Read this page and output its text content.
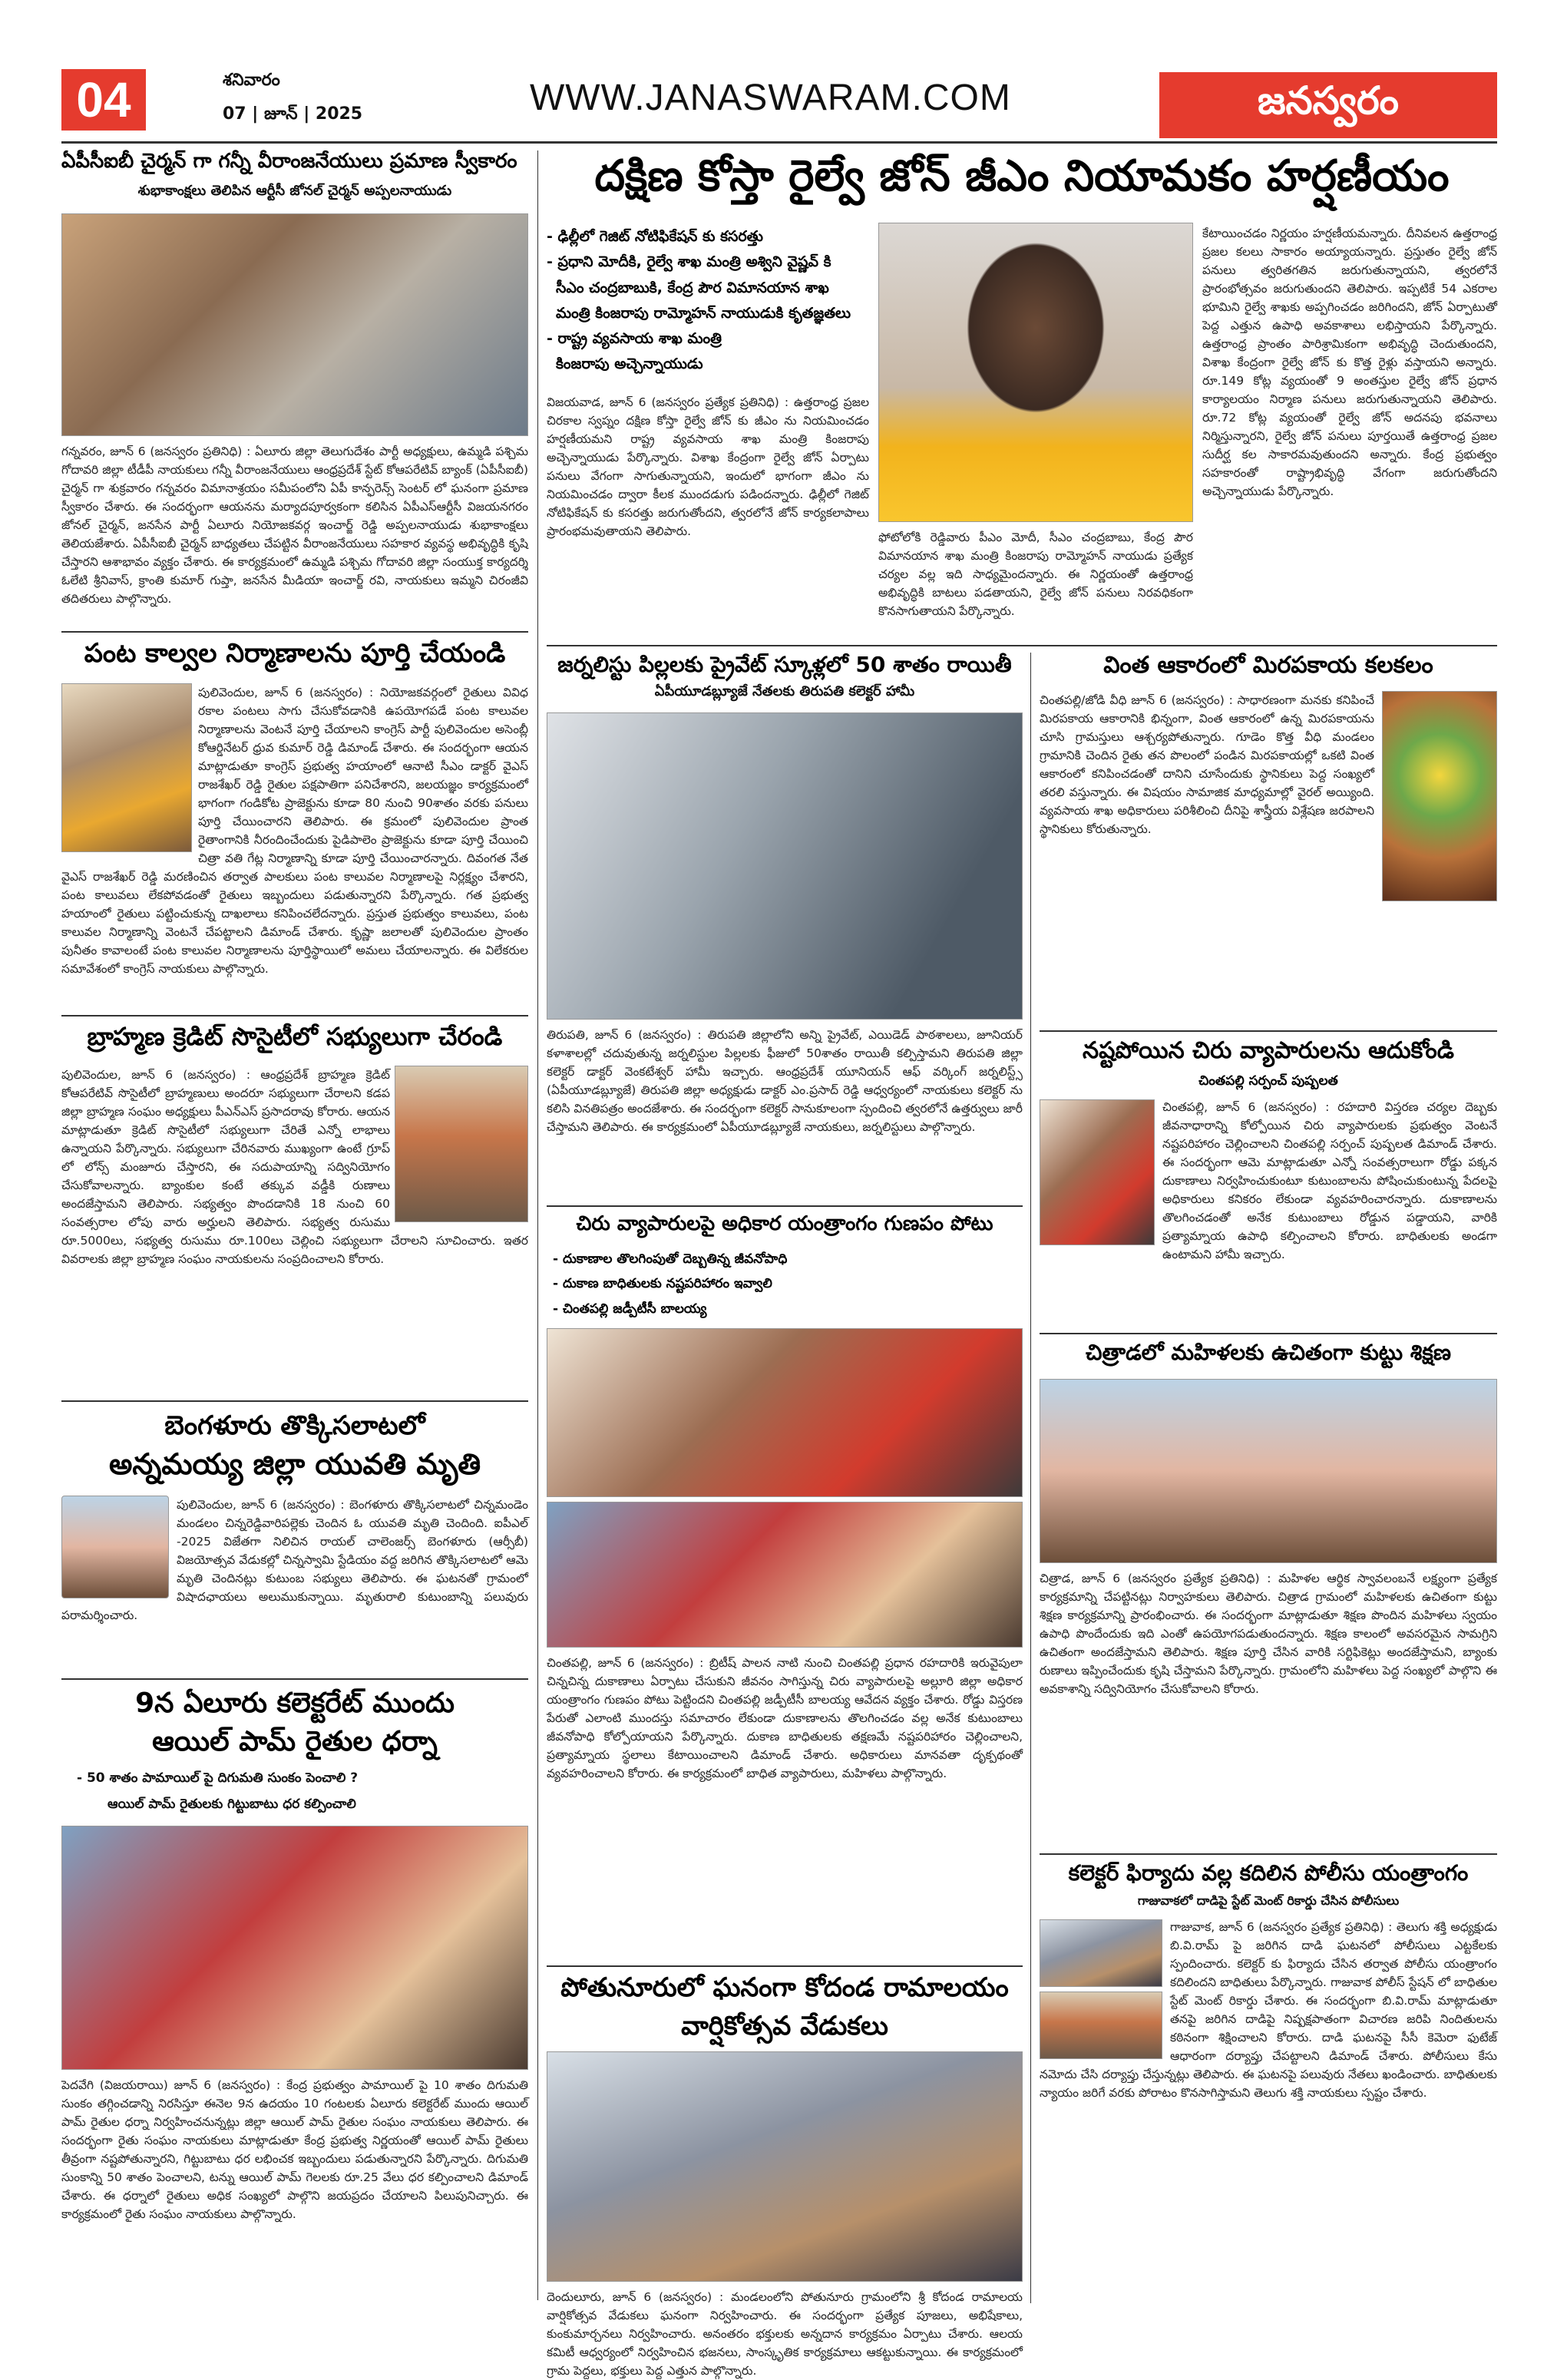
04	శనివారం
07 | జూన్ | 2025	WWW.JANASWARAM.COM	జనస్వరం
ఏపీసీఐబీ చైర్మన్ గా గన్నీ వీరాంజనేయులు ప్రమాణ స్వీకారం
శుభాకాంక్షలు తెలిపిన ఆర్టీసీ జోనల్ చైర్మన్ అప్పలనాయుడు
గన్నవరం, జూన్ 6 (జనస్వరం ప్రతినిధి) : ఏలూరు జిల్లా తెలుగుదేశం పార్టీ అధ్యక్షులు, ఉమ్మడి పశ్చిమ గోదావరి జిల్లా టీడీపీ నాయకులు గన్నీ వీరాంజనేయులు ఆంధ్రప్రదేశ్ స్టేట్ కోఆపరేటివ్ బ్యాంక్ (ఏపీసీఐబీ) చైర్మన్ గా శుక్రవారం గన్నవరం విమానాశ్రయం సమీపంలోని ఏపీ కాన్ఫరెన్స్ సెంటర్ లో ఘనంగా ప్రమాణ స్వీకారం చేశారు. ఈ సందర్భంగా ఆయనను మర్యాదపూర్వకంగా కలిసిన ఏపీఎస్ఆర్టీసీ విజయనగరం జోనల్ చైర్మన్, జనసేన పార్టీ ఏలూరు నియోజకవర్గ ఇంచార్జ్ రెడ్డి అప్పలనాయుడు శుభాకాంక్షలు తెలియజేశారు. ఏపీసీఐబీ చైర్మన్ బాధ్యతలు చేపట్టిన వీరాంజనేయులు సహకార వ్యవస్థ అభివృద్ధికి కృషి చేస్తారని ఆశాభావం వ్యక్తం చేశారు. ఈ కార్యక్రమంలో ఉమ్మడి పశ్చిమ గోదావరి జిల్లా సంయుక్త కార్యదర్శి ఓలేటి శ్రీనివాస్, క్రాంతి కుమార్ గుప్తా, జనసేన మీడియా ఇంచార్జ్ రవి, నాయకులు ఇమ్మని చిరంజీవి తదితరులు పాల్గొన్నారు.
పంట కాల్వల నిర్మాణాలను పూర్తి చేయండి
పులివెందుల, జూన్ 6 (జనస్వరం) : నియోజకవర్గంలో రైతులు వివిధ రకాల పంటలు సాగు చేసుకోవడానికి ఉపయోగపడే పంట కాలువల నిర్మాణాలను వెంటనే పూర్తి చేయాలని కాంగ్రెస్ పార్టీ పులివెందుల అసెంబ్లీ కోఆర్డినేటర్ ధ్రువ కుమార్ రెడ్డి డిమాండ్ చేశారు. ఈ సందర్భంగా ఆయన మాట్లాడుతూ కాంగ్రెస్ ప్రభుత్వ హయాంలో ఆనాటి సీఎం డాక్టర్ వైఎస్ రాజశేఖర్ రెడ్డి రైతుల పక్షపాతిగా పనిచేశారని, జలయజ్ఞం కార్యక్రమంలో భాగంగా గండికోట ప్రాజెక్టును కూడా 80 నుంచి 90శాతం వరకు పనులు పూర్తి చేయించారని తెలిపారు. ఈ క్రమంలో పులివెందుల ప్రాంత రైతాంగానికి నీరందించేందుకు పైడిపాలెం ప్రాజెక్టును కూడా పూర్తి చేయించి చిత్రా వతి గేట్ల నిర్మాణాన్ని కూడా పూర్తి చేయించారన్నారు. దివంగత నేత వైఎస్ రాజశేఖర్ రెడ్డి మరణించిన తర్వాత పాలకులు పంట కాలువల నిర్మాణాలపై నిర్లక్ష్యం చేశారని, పంట కాలువలు లేకపోవడంతో రైతులు ఇబ్బందులు పడుతున్నారని పేర్కొన్నారు. గత ప్రభుత్వ హయాంలో రైతులు పట్టించుకున్న దాఖలాలు కనిపించలేదన్నారు. ప్రస్తుత ప్రభుత్వం కాలువలు, పంట కాలువల నిర్మాణాన్ని వెంటనే చేపట్టాలని డిమాండ్ చేశారు. కృష్ణా జలాలతో పులివెందుల ప్రాంతం పునీతం కావాలంటే పంట కాలువల నిర్మాణాలను పూర్తిస్థాయిలో అమలు చేయాలన్నారు. ఈ విలేకరుల సమావేశంలో కాంగ్రెస్ నాయకులు పాల్గొన్నారు.
బ్రాహ్మణ క్రెడిట్ సొసైటీలో సభ్యులుగా చేరండి
పులివెందుల, జూన్ 6 (జనస్వరం) : ఆంధ్రప్రదేశ్ బ్రాహ్మణ క్రెడిట్ కోఆపరేటివ్ సొసైటీలో బ్రాహ్మణులు అందరూ సభ్యులుగా చేరాలని కడప జిల్లా బ్రాహ్మణ సంఘం అధ్యక్షులు పీఎన్ఎస్ ప్రసాదరావు కోరారు. ఆయన మాట్లాడుతూ క్రెడిట్ సొసైటీలో సభ్యులుగా చేరితే ఎన్నో లాభాలు ఉన్నాయని పేర్కొన్నారు. సభ్యులుగా చేరినవారు ముఖ్యంగా ఉంటే గ్రూప్ లో లోన్స్ మంజూరు చేస్తారని, ఈ సదుపాయాన్ని సద్వినియోగం చేసుకోవాలన్నారు. బ్యాంకుల కంటే తక్కువ వడ్డీకి రుణాలు అందజేస్తామని తెలిపారు. సభ్యత్వం పొందడానికి 18 నుంచి 60 సంవత్సరాల లోపు వారు అర్హులని తెలిపారు. సభ్యత్వ రుసుము రూ.5000లు, సభ్యత్వ రుసుము రూ.100లు చెల్లించి సభ్యులుగా చేరాలని సూచించారు. ఇతర వివరాలకు జిల్లా బ్రాహ్మణ సంఘం నాయకులను సంప్రదించాలని కోరారు.
బెంగళూరు తొక్కిసలాటలో
అన్నమయ్య జిల్లా యువతి మృతి
పులివెందుల, జూన్ 6 (జనస్వరం) : బెంగళూరు తొక్కిసలాటలో చిన్నమండెం మండలం చిన్నరెడ్డివారిపల్లెకు చెందిన ఓ యువతి మృతి చెందింది. ఐపీఎల్ -2025 విజేతగా నిలిచిన రాయల్ చాలెంజర్స్ బెంగళూరు (ఆర్సీబీ) విజయోత్సవ వేడుకల్లో చిన్నస్వామి స్టేడియం వద్ద జరిగిన తొక్కిసలాటలో ఆమె మృతి చెందినట్లు కుటుంబ సభ్యులు తెలిపారు. ఈ ఘటనతో గ్రామంలో విషాదఛాయలు అలుముకున్నాయి. మృతురాలి కుటుంబాన్ని పలువురు పరామర్శించారు.
9న ఏలూరు కలెక్టరేట్ ముందు
ఆయిల్ పామ్ రైతుల ధర్నా
- 50 శాతం పామాయిల్ పై దిగుమతి సుంకం పెంచాలి ?
ఆయిల్ పామ్ రైతులకు గిట్టుబాటు ధర కల్పించాలి
పెదవేగి (విజయరాయి) జూన్ 6 (జనస్వరం) : కేంద్ర ప్రభుత్వం పామాయిల్ పై 10 శాతం దిగుమతి సుంకం తగ్గించడాన్ని నిరసిస్తూ ఈనెల 9న ఉదయం 10 గంటలకు ఏలూరు కలెక్టరేట్ ముందు ఆయిల్ పామ్ రైతుల ధర్నా నిర్వహించనున్నట్లు జిల్లా ఆయిల్ పామ్ రైతుల సంఘం నాయకులు తెలిపారు. ఈ సందర్భంగా రైతు సంఘం నాయకులు మాట్లాడుతూ కేంద్ర ప్రభుత్వ నిర్ణయంతో ఆయిల్ పామ్ రైతులు తీవ్రంగా నష్టపోతున్నారని, గిట్టుబాటు ధర లభించక ఇబ్బందులు పడుతున్నారని పేర్కొన్నారు. దిగుమతి సుంకాన్ని 50 శాతం పెంచాలని, టన్ను ఆయిల్ పామ్ గెలలకు రూ.25 వేలు ధర కల్పించాలని డిమాండ్ చేశారు. ఈ ధర్నాలో రైతులు అధిక సంఖ్యలో పాల్గొని జయప్రదం చేయాలని పిలుపునిచ్చారు. ఈ కార్యక్రమంలో రైతు సంఘం నాయకులు పాల్గొన్నారు.
దక్షిణ కోస్తా రైల్వే జోన్ జీఎం నియామకం హర్షణీయం
- ఢిల్లీలో గెజిట్ నోటిఫికేషన్ కు కసరత్తు
- ప్రధాని మోదీకి, రైల్వే శాఖ మంత్రి అశ్విని వైష్ణవ్ కి
సీఎం చంద్రబాబుకి, కేంద్ర పౌర విమానయాన శాఖ
మంత్రి కింజరాపు రామ్మోహన్ నాయుడుకి కృతజ్ఞతలు
- రాష్ట్ర వ్యవసాయ శాఖ మంత్రి
కింజరాపు అచ్చెన్నాయుడు
విజయవాడ, జూన్ 6 (జనస్వరం ప్రత్యేక ప్రతినిధి) : ఉత్తరాంధ్ర ప్రజల చిరకాల స్వప్నం దక్షిణ కోస్తా రైల్వే జోన్ కు జీఎం ను నియమించడం హర్షణీయమని రాష్ట్ర వ్యవసాయ శాఖ మంత్రి కింజరాపు అచ్చెన్నాయుడు పేర్కొన్నారు. విశాఖ కేంద్రంగా రైల్వే జోన్ ఏర్పాటు పనులు వేగంగా సాగుతున్నాయని, ఇందులో భాగంగా జీఎం ను నియమించడం ద్వారా కీలక ముందడుగు పడిందన్నారు. ఢిల్లీలో గెజిట్ నోటిఫికేషన్ కు కసరత్తు జరుగుతోందని, త్వరలోనే జోన్ కార్యకలాపాలు ప్రారంభమవుతాయని తెలిపారు.	ఫోటోలోకి రెడ్డివారు పీఎం మోదీ, సీఎం చంద్రబాబు, కేంద్ర పౌర విమానయాన శాఖ మంత్రి కింజరాపు రామ్మోహన్ నాయుడు ప్రత్యేక చర్యల వల్ల ఇది సాధ్యమైందన్నారు. ఈ నిర్ణయంతో ఉత్తరాంధ్ర అభివృద్ధికి బాటలు పడతాయని, రైల్వే జోన్ పనులు నిరవధికంగా కొనసాగుతాయని పేర్కొన్నారు.
కేటాయించడం నిర్ణయం హర్షణీయమన్నారు. దీనివలన ఉత్తరాంధ్ర ప్రజల కలలు సాకారం అయ్యాయన్నారు. ప్రస్తుతం రైల్వే జోన్ పనులు త్వరితగతిన జరుగుతున్నాయని, త్వరలోనే ప్రారంభోత్సవం జరుగుతుందని తెలిపారు. ఇప్పటికే 54 ఎకరాల భూమిని రైల్వే శాఖకు అప్పగించడం జరిగిందని, జోన్ ఏర్పాటుతో పెద్ద ఎత్తున ఉపాధి అవకాశాలు లభిస్తాయని పేర్కొన్నారు. ఉత్తరాంధ్ర ప్రాంతం పారిశ్రామికంగా అభివృద్ధి చెందుతుందని, విశాఖ కేంద్రంగా రైల్వే జోన్ కు కొత్త రైళ్లు వస్తాయని అన్నారు. రూ.149 కోట్ల వ్యయంతో 9 అంతస్తుల రైల్వే జోన్ ప్రధాన కార్యాలయం నిర్మాణ పనులు జరుగుతున్నాయని తెలిపారు. రూ.72 కోట్ల వ్యయంతో రైల్వే జోన్ అదనపు భవనాలు నిర్మిస్తున్నారని, రైల్వే జోన్ పనులు పూర్తయితే ఉత్తరాంధ్ర ప్రజల సుదీర్ఘ కల సాకారమవుతుందని అన్నారు. కేంద్ర ప్రభుత్వం సహకారంతో రాష్ట్రాభివృద్ధి వేగంగా జరుగుతోందని అచ్చెన్నాయుడు పేర్కొన్నారు.
జర్నలిస్టు పిల్లలకు ప్రైవేట్ స్కూళ్లలో 50 శాతం రాయితీ
ఏపీయూడబ్ల్యూజే నేతలకు తిరుపతి కలెక్టర్ హామీ
తిరుపతి, జూన్ 6 (జనస్వరం) : తిరుపతి జిల్లాలోని అన్ని ప్రైవేట్, ఎయిడెడ్ పాఠశాలలు, జూనియర్ కళాశాలల్లో చదువుతున్న జర్నలిస్టుల పిల్లలకు ఫీజులో 50శాతం రాయితీ కల్పిస్తామని తిరుపతి జిల్లా కలెక్టర్ డాక్టర్ వెంకటేశ్వర్ హామీ ఇచ్చారు. ఆంధ్రప్రదేశ్ యూనియన్ ఆఫ్ వర్కింగ్ జర్నలిస్ట్స్ (ఏపీయూడబ్ల్యూజే) తిరుపతి జిల్లా అధ్యక్షుడు డాక్టర్ ఎం.ప్రసాద్ రెడ్డి ఆధ్వర్యంలో నాయకులు కలెక్టర్ ను కలిసి వినతిపత్రం అందజేశారు. ఈ సందర్భంగా కలెక్టర్ సానుకూలంగా స్పందించి త్వరలోనే ఉత్తర్వులు జారీ చేస్తామని తెలిపారు. ఈ కార్యక్రమంలో ఏపీయూడబ్ల్యూజే నాయకులు, జర్నలిస్టులు పాల్గొన్నారు.
చిరు వ్యాపారులపై అధికార యంత్రాంగం గుణపం పోటు
- దుకాణాల తొలగింపుతో దెబ్బతిన్న జీవనోపాధి
- దుకాణ బాధితులకు నష్టపరిహారం ఇవ్వాలి
- చింతపల్లి జడ్పీటీసీ బాలయ్య
చింతపల్లి, జూన్ 6 (జనస్వరం) : బ్రిటీష్ పాలన నాటి నుంచి చింతపల్లి ప్రధాన రహదారికి ఇరువైపులా చిన్నచిన్న దుకాణాలు ఏర్పాటు చేసుకుని జీవనం సాగిస్తున్న చిరు వ్యాపారులపై అల్లూరి జిల్లా అధికార యంత్రాంగం గుణపం పోటు పెట్టిందని చింతపల్లి జడ్పీటీసీ బాలయ్య ఆవేదన వ్యక్తం చేశారు. రోడ్డు విస్తరణ పేరుతో ఎలాంటి ముందస్తు సమాచారం లేకుండా దుకాణాలను తొలగించడం వల్ల అనేక కుటుంబాలు జీవనోపాధి కోల్పోయాయని పేర్కొన్నారు. దుకాణ బాధితులకు తక్షణమే నష్టపరిహారం చెల్లించాలని, ప్రత్యామ్నాయ స్థలాలు కేటాయించాలని డిమాండ్ చేశారు. అధికారులు మానవతా దృక్పథంతో వ్యవహరించాలని కోరారు. ఈ కార్యక్రమంలో బాధిత వ్యాపారులు, మహిళలు పాల్గొన్నారు.
పోతునూరులో ఘనంగా కోదండ రామాలయం
వార్షికోత్సవ వేడుకలు
దెందులూరు, జూన్ 6 (జనస్వరం) : మండలంలోని పోతునూరు గ్రామంలోని శ్రీ కోదండ రామాలయ వార్షికోత్సవ వేడుకలు ఘనంగా నిర్వహించారు. ఈ సందర్భంగా ప్రత్యేక పూజలు, అభిషేకాలు, కుంకుమార్చనలు నిర్వహించారు. అనంతరం భక్తులకు అన్నదాన కార్యక్రమం ఏర్పాటు చేశారు. ఆలయ కమిటీ ఆధ్వర్యంలో నిర్వహించిన భజనలు, సాంస్కృతిక కార్యక్రమాలు ఆకట్టుకున్నాయి. ఈ కార్యక్రమంలో గ్రామ పెద్దలు, భక్తులు పెద్ద ఎత్తున పాల్గొన్నారు.
వింత ఆకారంలో మిరపకాయ కలకలం
చింతపల్లి/జోడి వీధి జూన్ 6 (జనస్వరం) : సాధారణంగా మనకు కనిపించే మిరపకాయ ఆకారానికి భిన్నంగా, వింత ఆకారంలో ఉన్న మిరపకాయను చూసి గ్రామస్తులు ఆశ్చర్యపోతున్నారు. గూడెం కొత్త వీధి మండలం గ్రామానికి చెందిన రైతు తన పొలంలో పండిన మిరపకాయల్లో ఒకటి వింత ఆకారంలో కనిపించడంతో దానిని చూసేందుకు స్థానికులు పెద్ద సంఖ్యలో తరలి వస్తున్నారు. ఈ విషయం సామాజిక మాధ్యమాల్లో వైరల్ అయ్యింది. వ్యవసాయ శాఖ అధికారులు పరిశీలించి దీనిపై శాస్త్రీయ విశ్లేషణ జరపాలని స్థానికులు కోరుతున్నారు.
నష్టపోయిన చిరు వ్యాపారులను ఆదుకోండి
చింతపల్లి సర్పంచ్ పుష్పలత
చింతపల్లి, జూన్ 6 (జనస్వరం) : రహదారి విస్తరణ చర్యల దెబ్బకు జీవనాధారాన్ని కోల్పోయిన చిరు వ్యాపారులకు ప్రభుత్వం వెంటనే నష్టపరిహారం చెల్లించాలని చింతపల్లి సర్పంచ్ పుష్పలత డిమాండ్ చేశారు. ఈ సందర్భంగా ఆమె మాట్లాడుతూ ఎన్నో సంవత్సరాలుగా రోడ్డు పక్కన దుకాణాలు నిర్వహించుకుంటూ కుటుంబాలను పోషించుకుంటున్న పేదలపై అధికారులు కనికరం లేకుండా వ్యవహరించారన్నారు. దుకాణాలను తొలగించడంతో అనేక కుటుంబాలు రోడ్డున పడ్డాయని, వారికి ప్రత్యామ్నాయ ఉపాధి కల్పించాలని కోరారు. బాధితులకు అండగా ఉంటామని హామీ ఇచ్చారు.
చిత్రాడలో మహిళలకు ఉచితంగా కుట్టు శిక్షణ
చిత్రాడ, జూన్ 6 (జనస్వరం ప్రత్యేక ప్రతినిధి) : మహిళల ఆర్థిక స్వావలంబనే లక్ష్యంగా ప్రత్యేక కార్యక్రమాన్ని చేపట్టినట్లు నిర్వాహకులు తెలిపారు. చిత్రాడ గ్రామంలో మహిళలకు ఉచితంగా కుట్టు శిక్షణ కార్యక్రమాన్ని ప్రారంభించారు. ఈ సందర్భంగా మాట్లాడుతూ శిక్షణ పొందిన మహిళలు స్వయం ఉపాధి పొందేందుకు ఇది ఎంతో ఉపయోగపడుతుందన్నారు. శిక్షణ కాలంలో అవసరమైన సామగ్రిని ఉచితంగా అందజేస్తామని తెలిపారు. శిక్షణ పూర్తి చేసిన వారికి సర్టిఫికెట్లు అందజేస్తామని, బ్యాంకు రుణాలు ఇప్పించేందుకు కృషి చేస్తామని పేర్కొన్నారు. గ్రామంలోని మహిళలు పెద్ద సంఖ్యలో పాల్గొని ఈ అవకాశాన్ని సద్వినియోగం చేసుకోవాలని కోరారు.
కలెక్టర్ ఫిర్యాదు వల్ల కదిలిన పోలీసు యంత్రాంగం
గాజువాకలో దాడిపై స్టేట్ మెంట్ రికార్డు చేసిన పోలీసులు
గాజువాక, జూన్ 6 (జనస్వరం ప్రత్యేక ప్రతినిధి) : తెలుగు శక్తి అధ్యక్షుడు బి.వి.రామ్ పై జరిగిన దాడి ఘటనలో పోలీసులు ఎట్టకేలకు స్పందించారు. కలెక్టర్ కు ఫిర్యాదు చేసిన తర్వాత పోలీసు యంత్రాంగం కదిలిందని బాధితులు పేర్కొన్నారు. గాజువాక పోలీస్ స్టేషన్ లో బాధితుల స్టేట్ మెంట్ రికార్డు చేశారు. ఈ సందర్భంగా బి.వి.రామ్ మాట్లాడుతూ తనపై జరిగిన దాడిపై నిష్పక్షపాతంగా విచారణ జరిపి నిందితులను కఠినంగా శిక్షించాలని కోరారు. దాడి ఘటనపై సీసీ కెమెరా ఫుటేజ్ ఆధారంగా దర్యాప్తు చేపట్టాలని డిమాండ్ చేశారు. పోలీసులు కేసు నమోదు చేసి దర్యాప్తు చేస్తున్నట్లు తెలిపారు. ఈ ఘటనపై పలువురు నేతలు ఖండించారు. బాధితులకు న్యాయం జరిగే వరకు పోరాటం కొనసాగిస్తామని తెలుగు శక్తి నాయకులు స్పష్టం చేశారు.
